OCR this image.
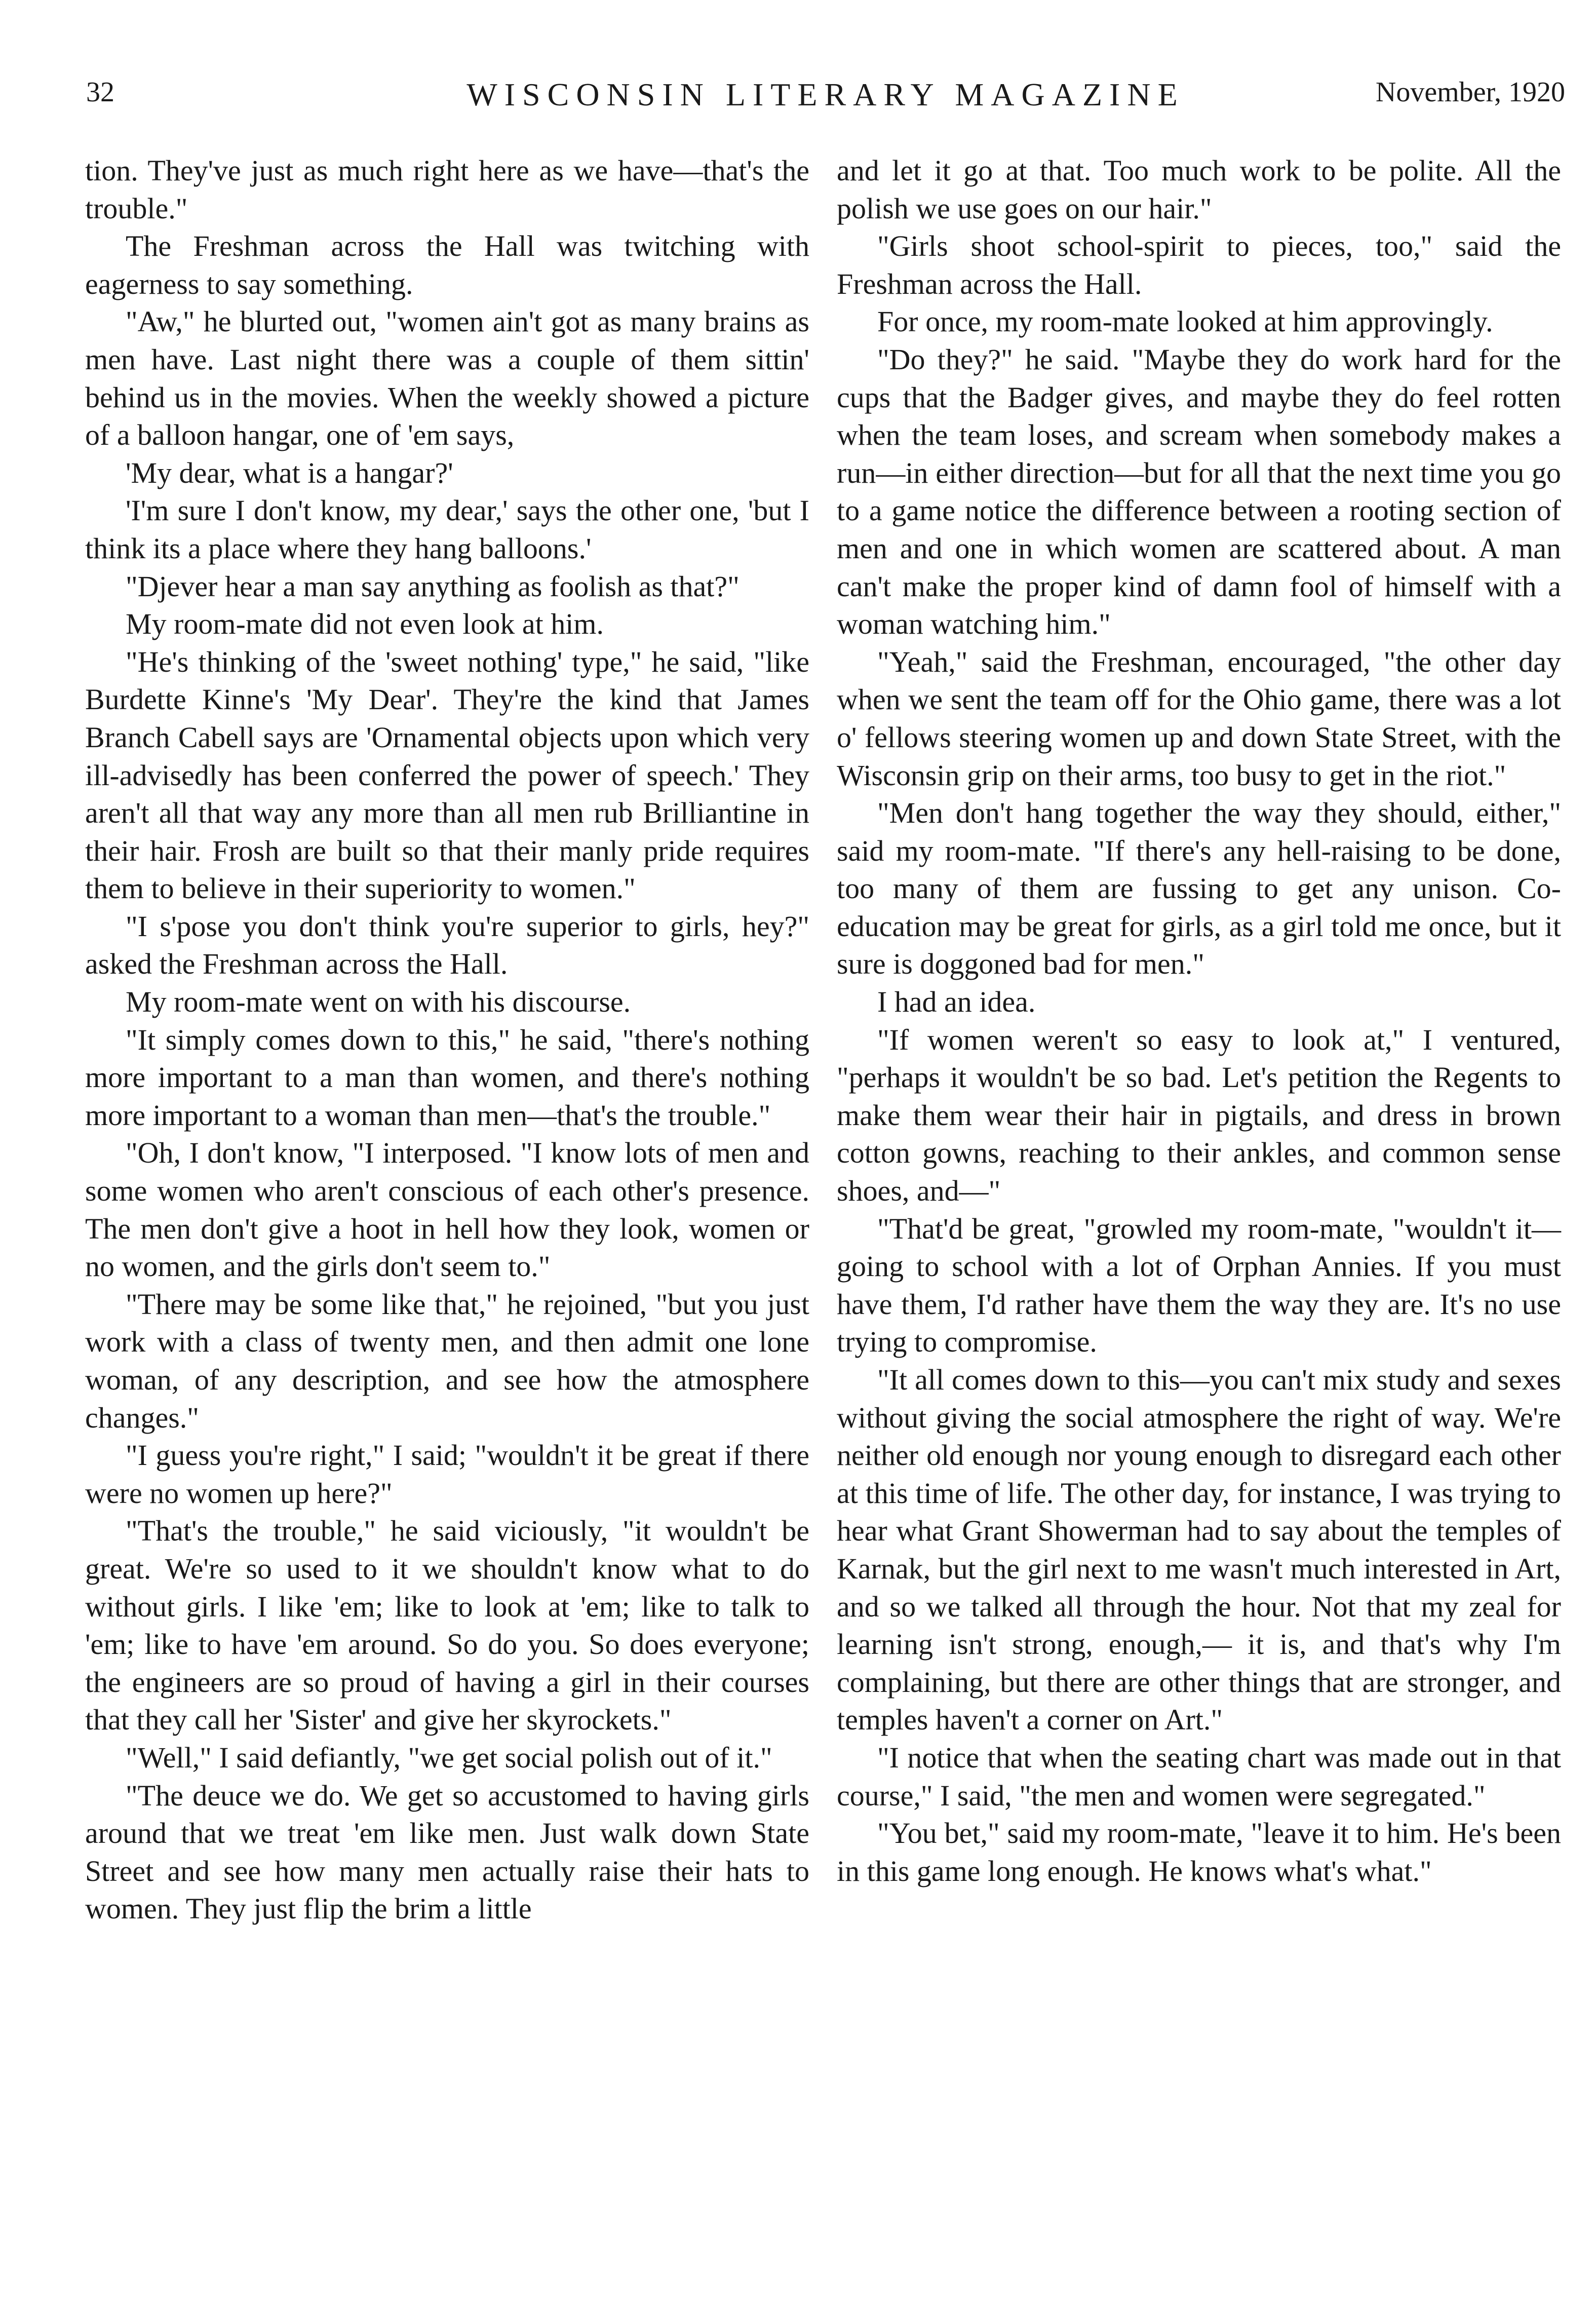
32	WISCONSIN LITERARY MAGAZINE	November, 1920

tion. They've just as much right here as we have—that's the trouble."

The Freshman across the Hall was twitching with eagerness to say something.

"Aw," he blurted out, "women ain't got as many brains as men have. Last night there was a couple of them sittin' behind us in the movies. When the weekly showed a picture of a balloon hangar, one of 'em says,

'My dear, what is a hangar?'

'I'm sure I don't know, my dear,' says the other one, 'but I think its a place where they hang balloons.'

"Djever hear a man say anything as foolish as that?"

My room-mate did not even look at him.

"He's thinking of the 'sweet nothing' type," he said, "like Burdette Kinne's 'My Dear'. They're the kind that James Branch Cabell says are 'Ornamental objects upon which very ill-advisedly has been conferred the power of speech.' They aren't all that way any more than all men rub Brilliantine in their hair. Frosh are built so that their manly pride requires them to believe in their superiority to women."

"I s'pose you don't think you're superior to girls, hey?" asked the Freshman across the Hall.

My room-mate went on with his discourse.

"It simply comes down to this," he said, "there's nothing more important to a man than women, and there's nothing more important to a woman than men—that's the trouble."

"Oh, I don't know, "I interposed. "I know lots of men and some women who aren't conscious of each other's presence. The men don't give a hoot in hell how they look, women or no women, and the girls don't seem to."

"There may be some like that," he rejoined, "but you just work with a class of twenty men, and then admit one lone woman, of any description, and see how the atmosphere changes."

"I guess you're right," I said; "wouldn't it be great if there were no women up here?"

"That's the trouble," he said viciously, "it wouldn't be great. We're so used to it we shouldn't know what to do without girls. I like 'em; like to look at 'em; like to talk to 'em; like to have 'em around. So do you. So does everyone; the engineers are so proud of having a girl in their courses that they call her 'Sister' and give her skyrockets."

"Well," I said defiantly, "we get social polish out of it."

"The deuce we do. We get so accustomed to having girls around that we treat 'em like men. Just walk down State Street and see how many men actually raise their hats to women. They just flip the brim a little

and let it go at that. Too much work to be polite. All the polish we use goes on our hair."

"Girls shoot school-spirit to pieces, too," said the Freshman across the Hall.

For once, my room-mate looked at him approvingly.

"Do they?" he said. "Maybe they do work hard for the cups that the Badger gives, and maybe they do feel rotten when the team loses, and scream when somebody makes a run—in either direction—but for all that the next time you go to a game notice the difference between a rooting section of men and one in which women are scattered about. A man can't make the proper kind of damn fool of himself with a woman watching him."

"Yeah," said the Freshman, encouraged, "the other day when we sent the team off for the Ohio game, there was a lot o' fellows steering women up and down State Street, with the Wisconsin grip on their arms, too busy to get in the riot."

"Men don't hang together the way they should, either," said my room-mate. "If there's any hell-raising to be done, too many of them are fussing to get any unison. Co-education may be great for girls, as a girl told me once, but it sure is doggoned bad for men."

I had an idea.

"If women weren't so easy to look at," I ventured, "perhaps it wouldn't be so bad. Let's petition the Regents to make them wear their hair in pigtails, and dress in brown cotton gowns, reaching to their ankles, and common sense shoes, and—"

"That'd be great, "growled my room-mate, "wouldn't it—going to school with a lot of Orphan Annies. If you must have them, I'd rather have them the way they are. It's no use trying to compromise.

"It all comes down to this—you can't mix study and sexes without giving the social atmosphere the right of way. We're neither old enough nor young enough to disregard each other at this time of life. The other day, for instance, I was trying to hear what Grant Showerman had to say about the temples of Karnak, but the girl next to me wasn't much interested in Art, and so we talked all through the hour. Not that my zeal for learning isn't strong, enough,— it is, and that's why I'm complaining, but there are other things that are stronger, and temples haven't a corner on Art."

"I notice that when the seating chart was made out in that course," I said, "the men and women were segregated."

"You bet," said my room-mate, "leave it to him. He's been in this game long enough. He knows what's what."
